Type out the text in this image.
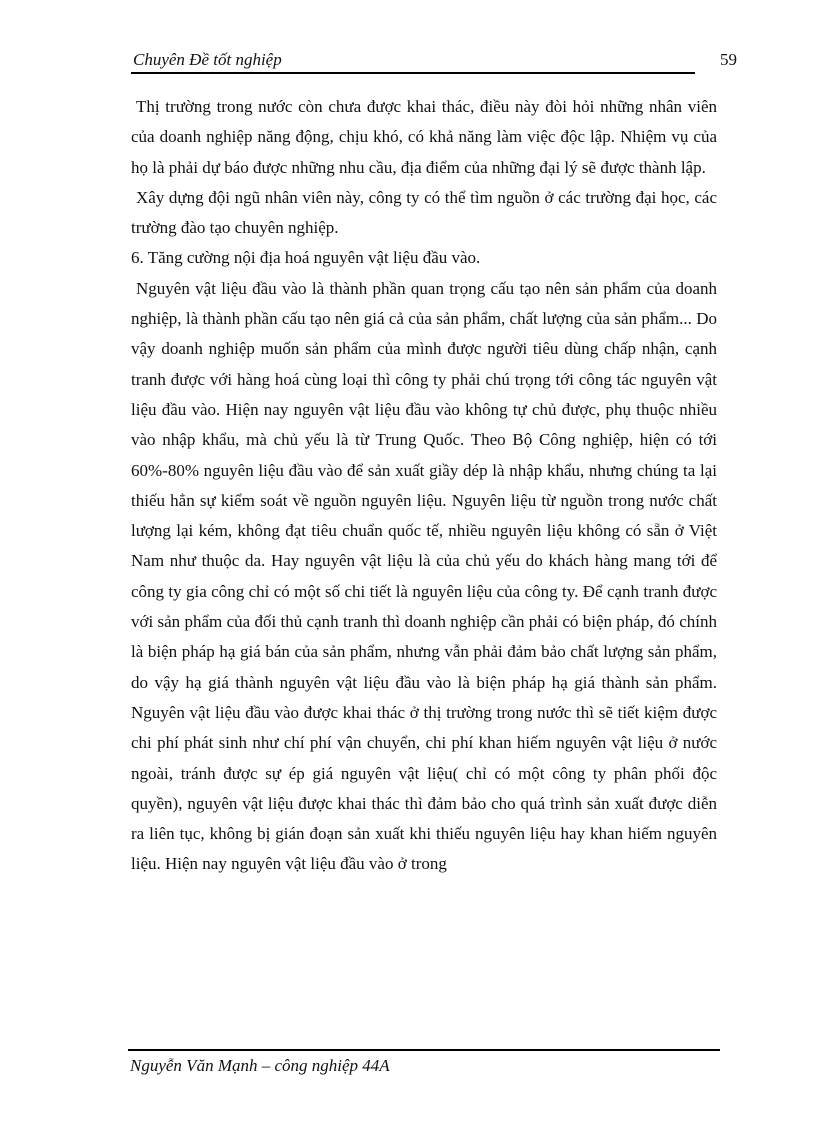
Chuyên Đề tốt nghiệp	59

Thị trường trong nước còn chưa được khai thác, điều này đòi hỏi những nhân viên của doanh nghiệp năng động, chịu khó, có khả năng làm việc độc lập. Nhiệm vụ của họ là phải dự báo được những nhu cầu, địa điểm của những đại lý sẽ được thành lập.

Xây dựng đội ngũ nhân viên này, công ty có thể tìm nguồn ở các trường đại học, các trường đào tạo chuyên nghiệp.

6. Tăng cường nội địa hoá nguyên vật liệu đầu vào.

Nguyên vật liệu đầu vào là thành phần quan trọng cấu tạo nên sản phẩm của doanh nghiệp, là thành phần cấu tạo nên giá cả của sản phẩm, chất lượng của sản phẩm... Do vậy doanh nghiệp muốn sản phẩm của mình được người tiêu dùng chấp nhận, cạnh tranh được với hàng hoá cùng loại thì công ty phải chú trọng tới công tác nguyên vật liệu đầu vào. Hiện nay nguyên vật liệu đầu vào không tự chủ được, phụ thuộc nhiều vào nhập khẩu, mà chủ yếu là từ Trung Quốc. Theo Bộ Công nghiệp, hiện có tới 60%-80% nguyên liệu đầu vào để sản xuất giầy dép là nhập khẩu, nhưng chúng ta lại thiếu hẳn sự kiểm soát về nguồn nguyên liệu. Nguyên liệu từ nguồn trong nước chất lượng lại kém, không đạt tiêu chuẩn quốc tế, nhiều nguyên liệu không có sẵn ở Việt Nam như thuộc da. Hay nguyên vật liệu là của chủ yếu do khách hàng mang tới để công ty gia công chỉ có một số chi tiết là nguyên liệu của công ty. Để cạnh tranh được với sản phẩm của đối thủ cạnh tranh thì doanh nghiệp cần phải có biện pháp, đó chính là biện pháp hạ giá bán của sản phẩm, nhưng vẫn phải đảm bảo chất lượng sản phẩm, do vậy hạ giá thành nguyên vật liệu đầu vào là biện pháp hạ giá thành sản phẩm. Nguyên vật liệu đầu vào được khai thác ở thị trường trong nước thì sẽ tiết kiệm được chi phí phát sinh như chí phí vận chuyển, chi phí khan hiếm nguyên vật liệu ở nước ngoài, tránh được sự ép giá nguyên vật liệu( chỉ có một công ty phân phối độc quyền), nguyên vật liệu được khai thác thì đảm bảo cho quá trình sản xuất được diễn ra liên tục, không bị gián đoạn sản xuất khi thiếu nguyên liệu hay khan hiếm nguyên liệu. Hiện nay nguyên vật liệu đầu vào ở trong

Nguyễn Văn Mạnh – công nghiệp 44A
